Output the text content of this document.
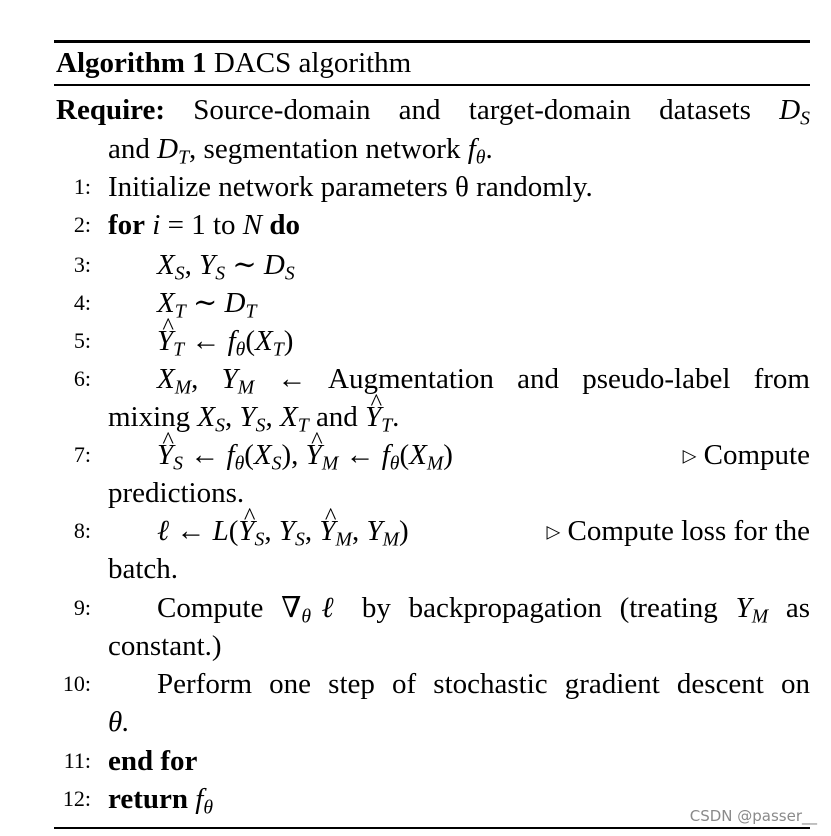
Algorithm 1 DACS algorithm
Require: Source-domain and target-domain datasets $D_S$
and $D_T$, segmentation network $f_\theta$.
1: Initialize network parameters θ randomly.
2: for i = 1 to N do
3: $X_S$, $Y_S$ ∼ $D_S$
4: $X_T$ ∼ $D_T$
5: ^ $Y_T$ ← $f_\theta(X_T)$
6: $X_M$, $Y_M$ ← Augmentation and pseudo-label from
mixing $X_S$, $Y_S$, $X_T$ and ^ $Y_T$.
7: ^ $Y_S$ ← $f_\theta(X_S)$, ^ $Y_M$ ← $f_\theta(X_M)$	▷ Compute
predictions.
8: ℓ ← L(^ $Y_S$, $Y_S$, ^ $Y_M$, $Y_M$)	▷ Compute loss for the
batch.
9: Compute $\nabla_\theta\ell$ by backpropagation (treating $Y_M$ as
constant.)
10: Perform one step of stochastic gradient descent on
θ.
11: end for
12: return $f_\theta$	CSDN @passer__
